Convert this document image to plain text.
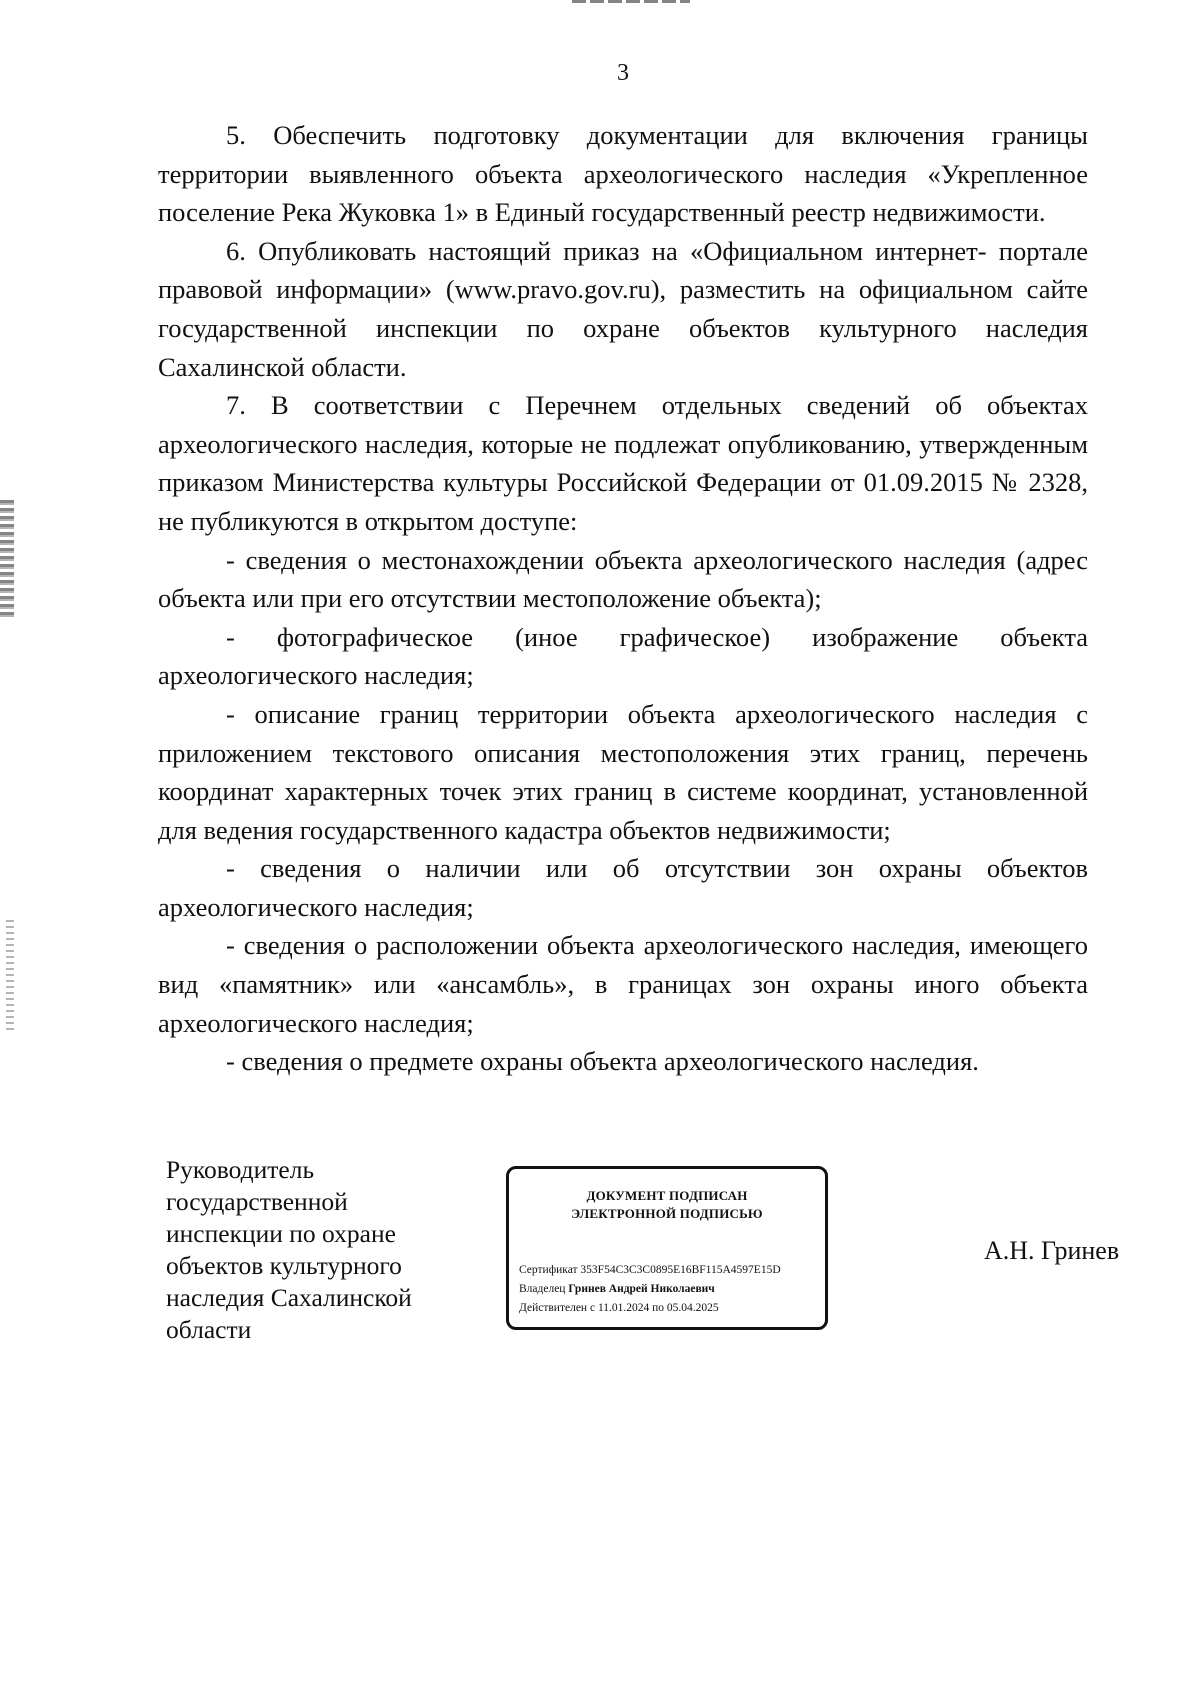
3

5. Обеспечить подготовку документации для включения границы территории выявленного объекта археологического наследия «Укрепленное поселение Река Жуковка 1» в Единый государственный реестр недвижимости.

6. Опубликовать настоящий приказ на «Официальном интернет- портале правовой информации» (www.pravo.gov.ru), разместить на официальном сайте государственной инспекции по охране объектов культурного наследия Сахалинской области.

7. В соответствии с Перечнем отдельных сведений об объектах археологического наследия, которые не подлежат опубликованию, утвержденным приказом Министерства культуры Российской Федерации от 01.09.2015 № 2328, не публикуются в открытом доступе:

- сведения о местонахождении объекта археологического наследия (адрес объекта или при его отсутствии местоположение объекта);

- фотографическое (иное графическое) изображение объекта археологического наследия;

- описание границ территории объекта археологического наследия с приложением текстового описания местоположения этих границ, перечень координат характерных точек этих границ в системе координат, установленной для ведения государственного кадастра объектов недвижимости;

- сведения о наличии или об отсутствии зон охраны объектов археологического наследия;

- сведения о расположении объекта археологического наследия, имеющего вид «памятник» или «ансамбль», в границах зон охраны иного объекта археологического наследия;

- сведения о предмете охраны объекта археологического наследия.

Руководитель
государственной
инспекции по охране
объектов культурного
наследия Сахалинской
области
ДОКУМЕНТ ПОДПИСАН
ЭЛЕКТРОННОЙ ПОДПИСЬЮ
Сертификат 353F54C3C3C0895E16BF115A4597E15D
Владелец Гринев Андрей Николаевич
Действителен с 11.01.2024 по 05.04.2025
А.Н. Гринев
